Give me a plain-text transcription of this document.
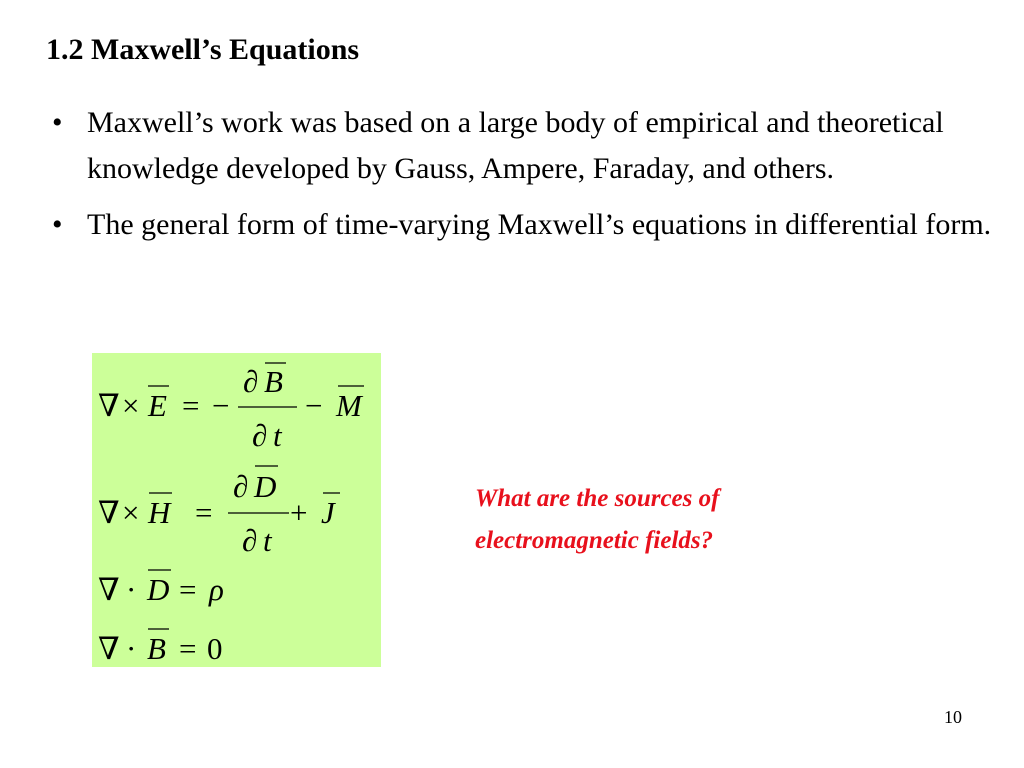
1.2 Maxwell’s Equations
• Maxwell’s work was based on a large body of empirical and theoretical knowledge developed by Gauss, Ampere, Faraday, and others.
• The general form of time-varying Maxwell’s equations in differential form.
∇ × E = −
∂ B
∂ t
− M
∇ × H =
∂ D
∂ t
+ J
∇ · D = ρ
∇ · B = 0

What are the sources of

electromagnetic fields?

10
